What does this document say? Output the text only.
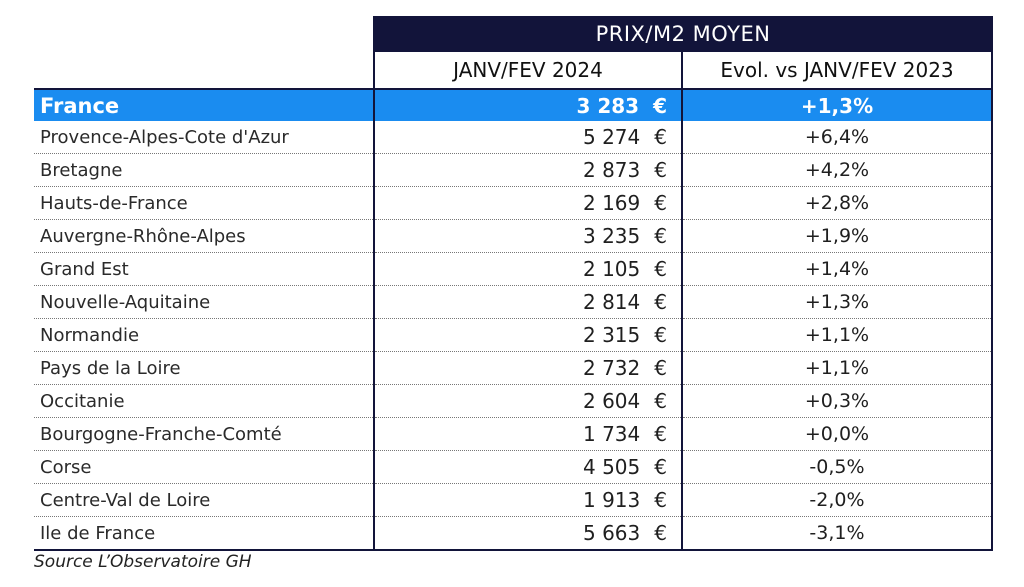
	PRIX/M2 MOYEN	
	JANV/FEV 2024	Evol. vs JANV/FEV 2023
France	3 283 €	+1,3%
Provence-Alpes-Cote d'Azur	5 274 €	+6,4%
Bretagne	2 873 €	+4,2%
Hauts-de-France	2 169 €	+2,8%
Auvergne-Rhône-Alpes	3 235 €	+1,9%
Grand Est	2 105 €	+1,4%
Nouvelle-Aquitaine	2 814 €	+1,3%
Normandie	2 315 €	+1,1%
Pays de la Loire	2 732 €	+1,1%
Occitanie	2 604 €	+0,3%
Bourgogne-Franche-Comté	1 734 €	+0,0%
Corse	4 505 €	-0,5%
Centre-Val de Loire	1 913 €	-2,0%
Ile de France	5 663 €	-3,1%
Source L’Observatoire GH
